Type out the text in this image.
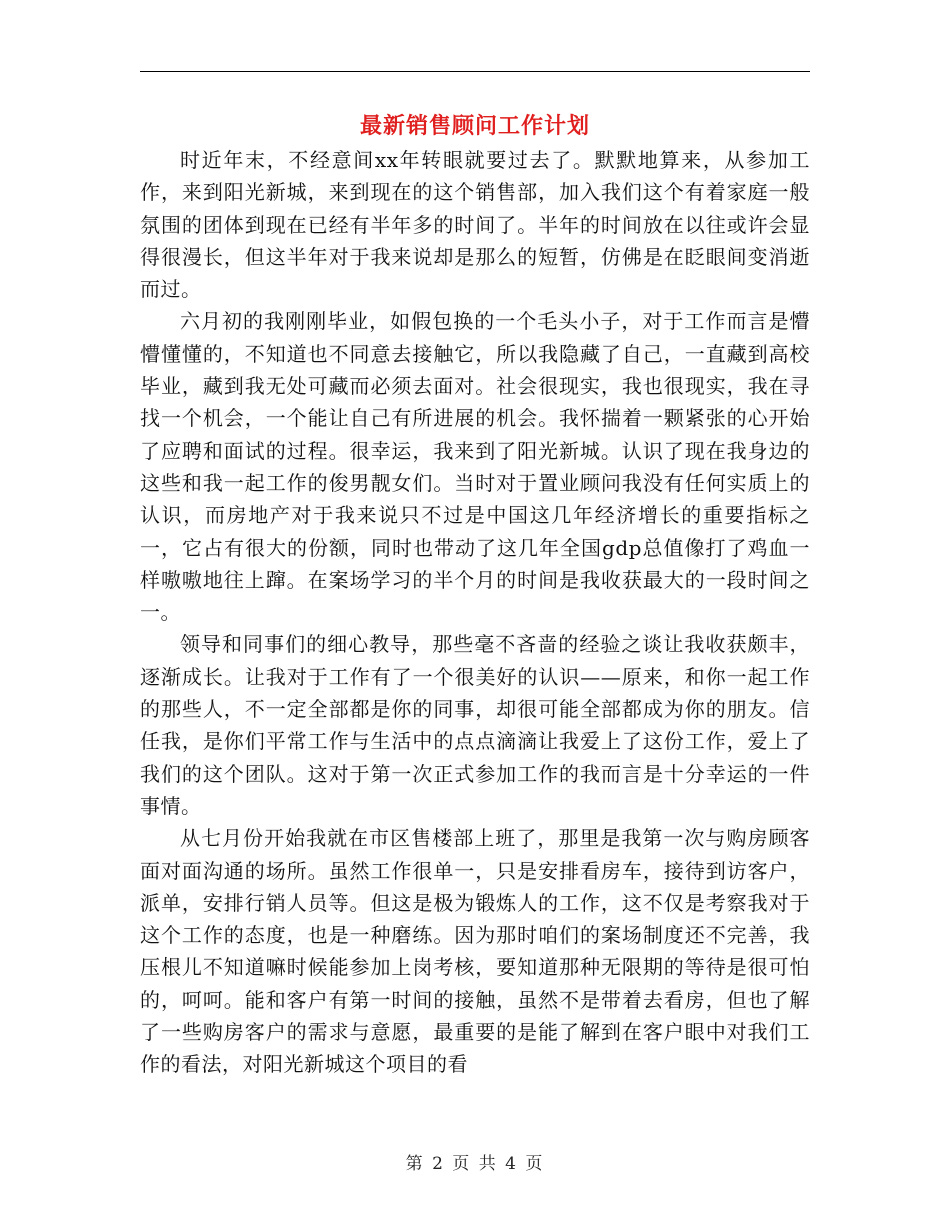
最新销售顾问工作计划

时近年末，不经意间xx年转眼就要过去了。默默地算来，从参加工作，来到阳光新城，来到现在的这个销售部，加入我们这个有着家庭一般氛围的团体到现在已经有半年多的时间了。半年的时间放在以往或许会显得很漫长，但这半年对于我来说却是那么的短暂，仿佛是在眨眼间变消逝而过。

六月初的我刚刚毕业，如假包换的一个毛头小子，对于工作而言是懵懵懂懂的，不知道也不同意去接触它，所以我隐藏了自己，一直藏到高校毕业，藏到我无处可藏而必须去面对。社会很现实，我也很现实，我在寻找一个机会，一个能让自己有所进展的机会。我怀揣着一颗紧张的心开始了应聘和面试的过程。很幸运，我来到了阳光新城。认识了现在我身边的这些和我一起工作的俊男靓女们。当时对于置业顾问我没有任何实质上的认识，而房地产对于我来说只不过是中国这几年经济增长的重要指标之一，它占有很大的份额，同时也带动了这几年全国gdp总值像打了鸡血一样嗷嗷地往上蹿。在案场学习的半个月的时间是我收获最大的一段时间之一。

领导和同事们的细心教导，那些毫不吝啬的经验之谈让我收获颇丰，逐渐成长。让我对于工作有了一个很美好的认识——原来，和你一起工作的那些人，不一定全部都是你的同事，却很可能全部都成为你的朋友。信任我，是你们平常工作与生活中的点点滴滴让我爱上了这份工作，爱上了我们的这个团队。这对于第一次正式参加工作的我而言是十分幸运的一件事情。

从七月份开始我就在市区售楼部上班了，那里是我第一次与购房顾客面对面沟通的场所。虽然工作很单一，只是安排看房车，接待到访客户，派单，安排行销人员等。但这是极为锻炼人的工作，这不仅是考察我对于这个工作的态度，也是一种磨练。因为那时咱们的案场制度还不完善，我压根儿不知道嘛时候能参加上岗考核，要知道那种无限期的等待是很可怕的，呵呵。能和客户有第一时间的接触，虽然不是带着去看房，但也了解了一些购房客户的需求与意愿，最重要的是能了解到在客户眼中对我们工作的看法，对阳光新城这个项目的看

第 2 页 共 4 页
